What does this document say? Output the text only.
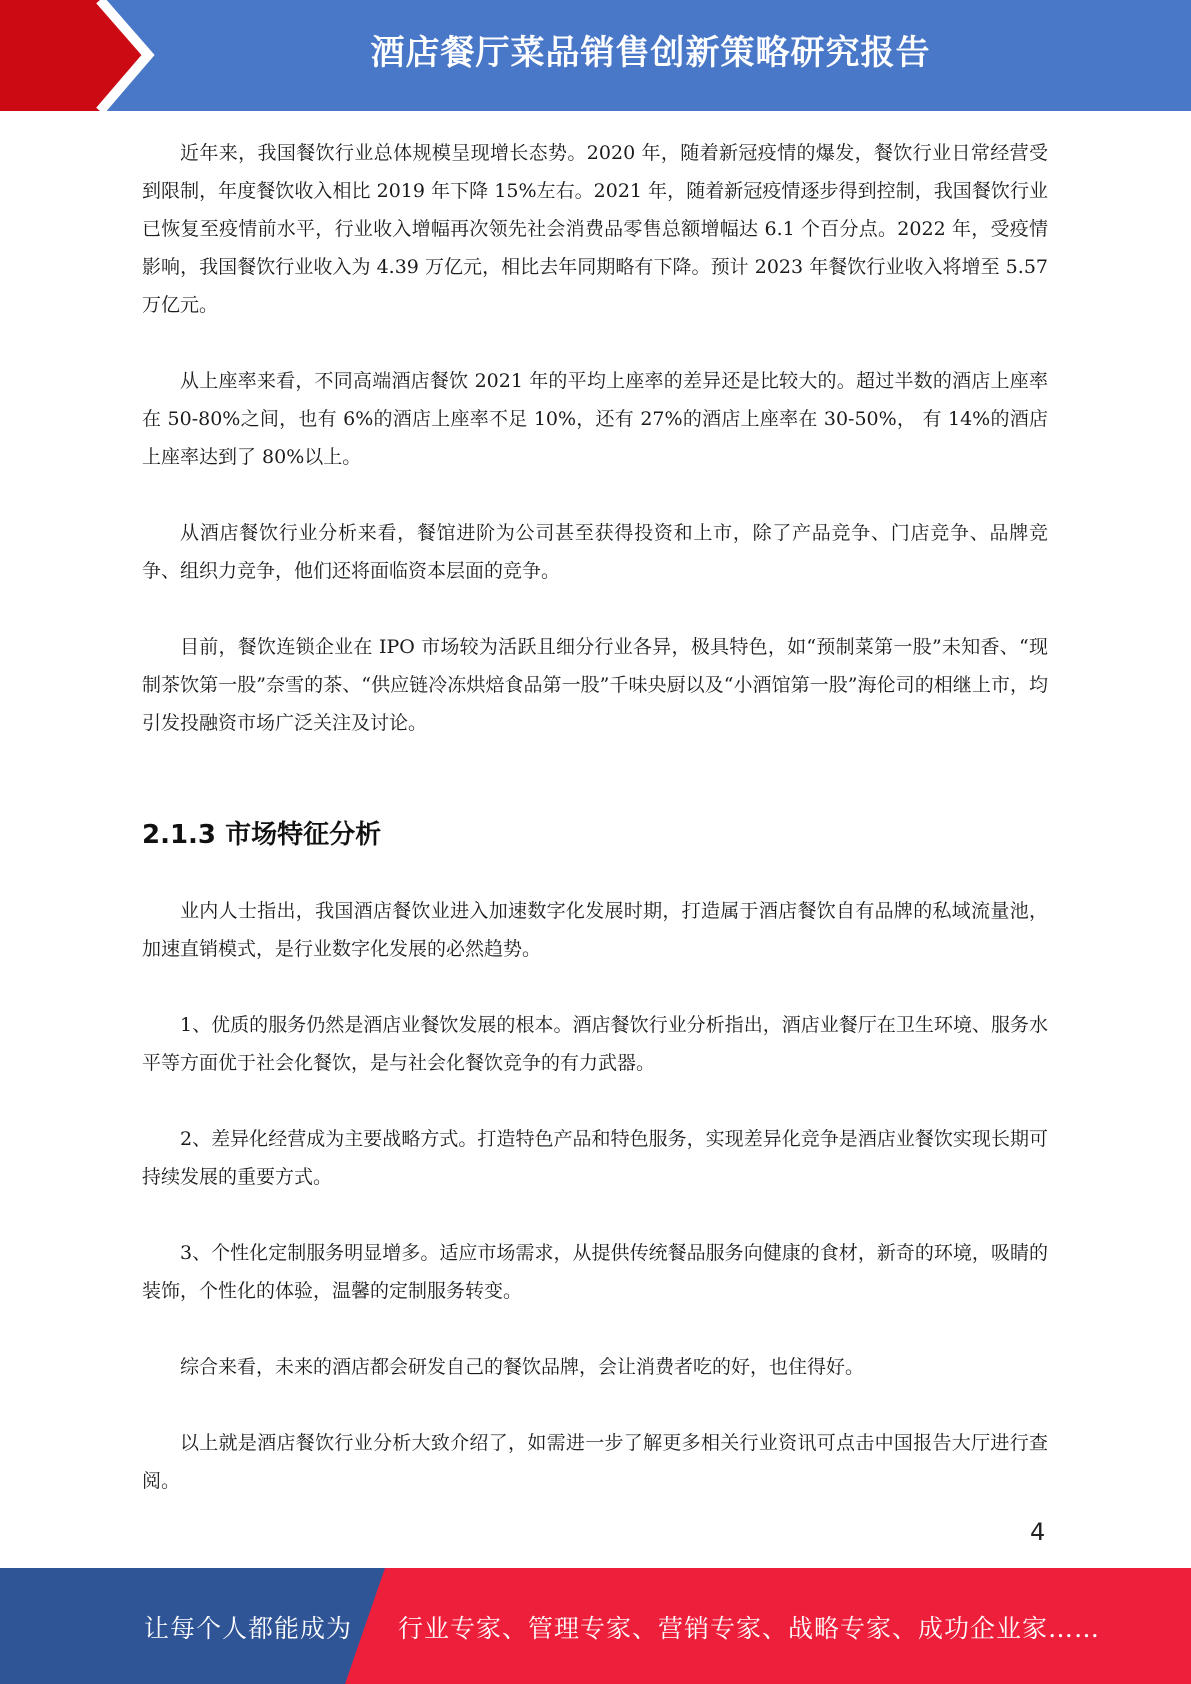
酒店餐厅菜品销售创新策略研究报告

近年来，我国餐饮行业总体规模呈现增长态势。2020 年，随着新冠疫情的爆发，餐饮行业日常经营受到限制，年度餐饮收入相比 2019 年下降 15%左右。2021 年，随着新冠疫情逐步得到控制，我国餐饮行业已恢复至疫情前水平，行业收入增幅再次领先社会消费品零售总额增幅达 6.1 个百分点。2022 年，受疫情影响，我国餐饮行业收入为 4.39 万亿元，相比去年同期略有下降。预计 2023 年餐饮行业收入将增至 5.57 万亿元。

从上座率来看，不同高端酒店餐饮 2021 年的平均上座率的差异还是比较大的。超过半数的酒店上座率在 50-80%之间，也有 6%的酒店上座率不足 10%，还有 27%的酒店上座率在 30-50%， 有 14%的酒店上座率达到了 80%以上。

从酒店餐饮行业分析来看，餐馆进阶为公司甚至获得投资和上市，除了产品竞争、门店竞争、品牌竞争、组织力竞争，他们还将面临资本层面的竞争。

目前，餐饮连锁企业在 IPO 市场较为活跃且细分行业各异，极具特色，如“预制菜第一股”未知香、“现制茶饮第一股”奈雪的茶、“供应链冷冻烘焙食品第一股”千味央厨以及“小酒馆第一股”海伦司的相继上市，均引发投融资市场广泛关注及讨论。

2.1.3 市场特征分析

业内人士指出，我国酒店餐饮业进入加速数字化发展时期，打造属于酒店餐饮自有品牌的私域流量池，加速直销模式，是行业数字化发展的必然趋势。

1、优质的服务仍然是酒店业餐饮发展的根本。酒店餐饮行业分析指出，酒店业餐厅在卫生环境、服务水平等方面优于社会化餐饮，是与社会化餐饮竞争的有力武器。

2、差异化经营成为主要战略方式。打造特色产品和特色服务，实现差异化竞争是酒店业餐饮实现长期可持续发展的重要方式。

3、个性化定制服务明显增多。适应市场需求，从提供传统餐品服务向健康的食材，新奇的环境，吸睛的装饰，个性化的体验，温馨的定制服务转变。

综合来看，未来的酒店都会研发自己的餐饮品牌，会让消费者吃的好，也住得好。

以上就是酒店餐饮行业分析大致介绍了，如需进一步了解更多相关行业资讯可点击中国报告大厅进行查阅。

4
让每个人都能成为 行业专家、管理专家、营销专家、战略专家、成功企业家……
